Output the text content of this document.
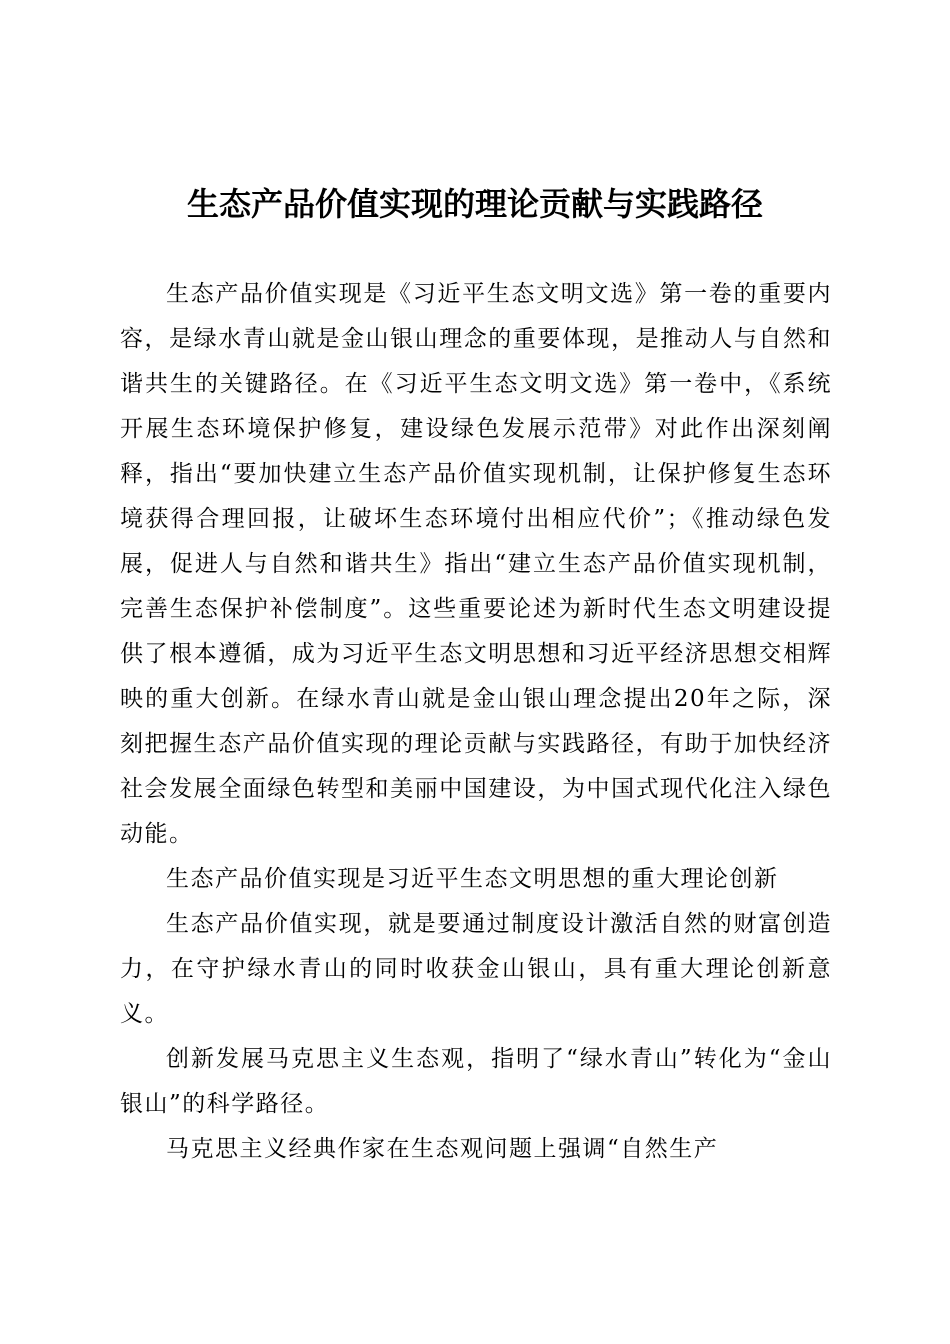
生态产品价值实现的理论贡献与实践路径

生态产品价值实现是《习近平生态文明文选》第一卷的重要内容，是绿水青山就是金山银山理念的重要体现，是推动人与自然和谐共生的关键路径。在《习近平生态文明文选》第一卷中，《系统开展生态环境保护修复，建设绿色发展示范带》对此作出深刻阐释，指出“要加快建立生态产品价值实现机制，让保护修复生态环境获得合理回报，让破坏生态环境付出相应代价”；《推动绿色发展，促进人与自然和谐共生》指出“建立生态产品价值实现机制，完善生态保护补偿制度”。这些重要论述为新时代生态文明建设提供了根本遵循，成为习近平生态文明思想和习近平经济思想交相辉映的重大创新。在绿水青山就是金山银山理念提出20年之际，深刻把握生态产品价值实现的理论贡献与实践路径，有助于加快经济社会发展全面绿色转型和美丽中国建设，为中国式现代化注入绿色动能。

生态产品价值实现是习近平生态文明思想的重大理论创新

生态产品价值实现，就是要通过制度设计激活自然的财富创造力，在守护绿水青山的同时收获金山银山，具有重大理论创新意义。

创新发展马克思主义生态观，指明了“绿水青山”转化为“金山银山”的科学路径。

马克思主义经典作家在生态观问题上强调“自然生产
